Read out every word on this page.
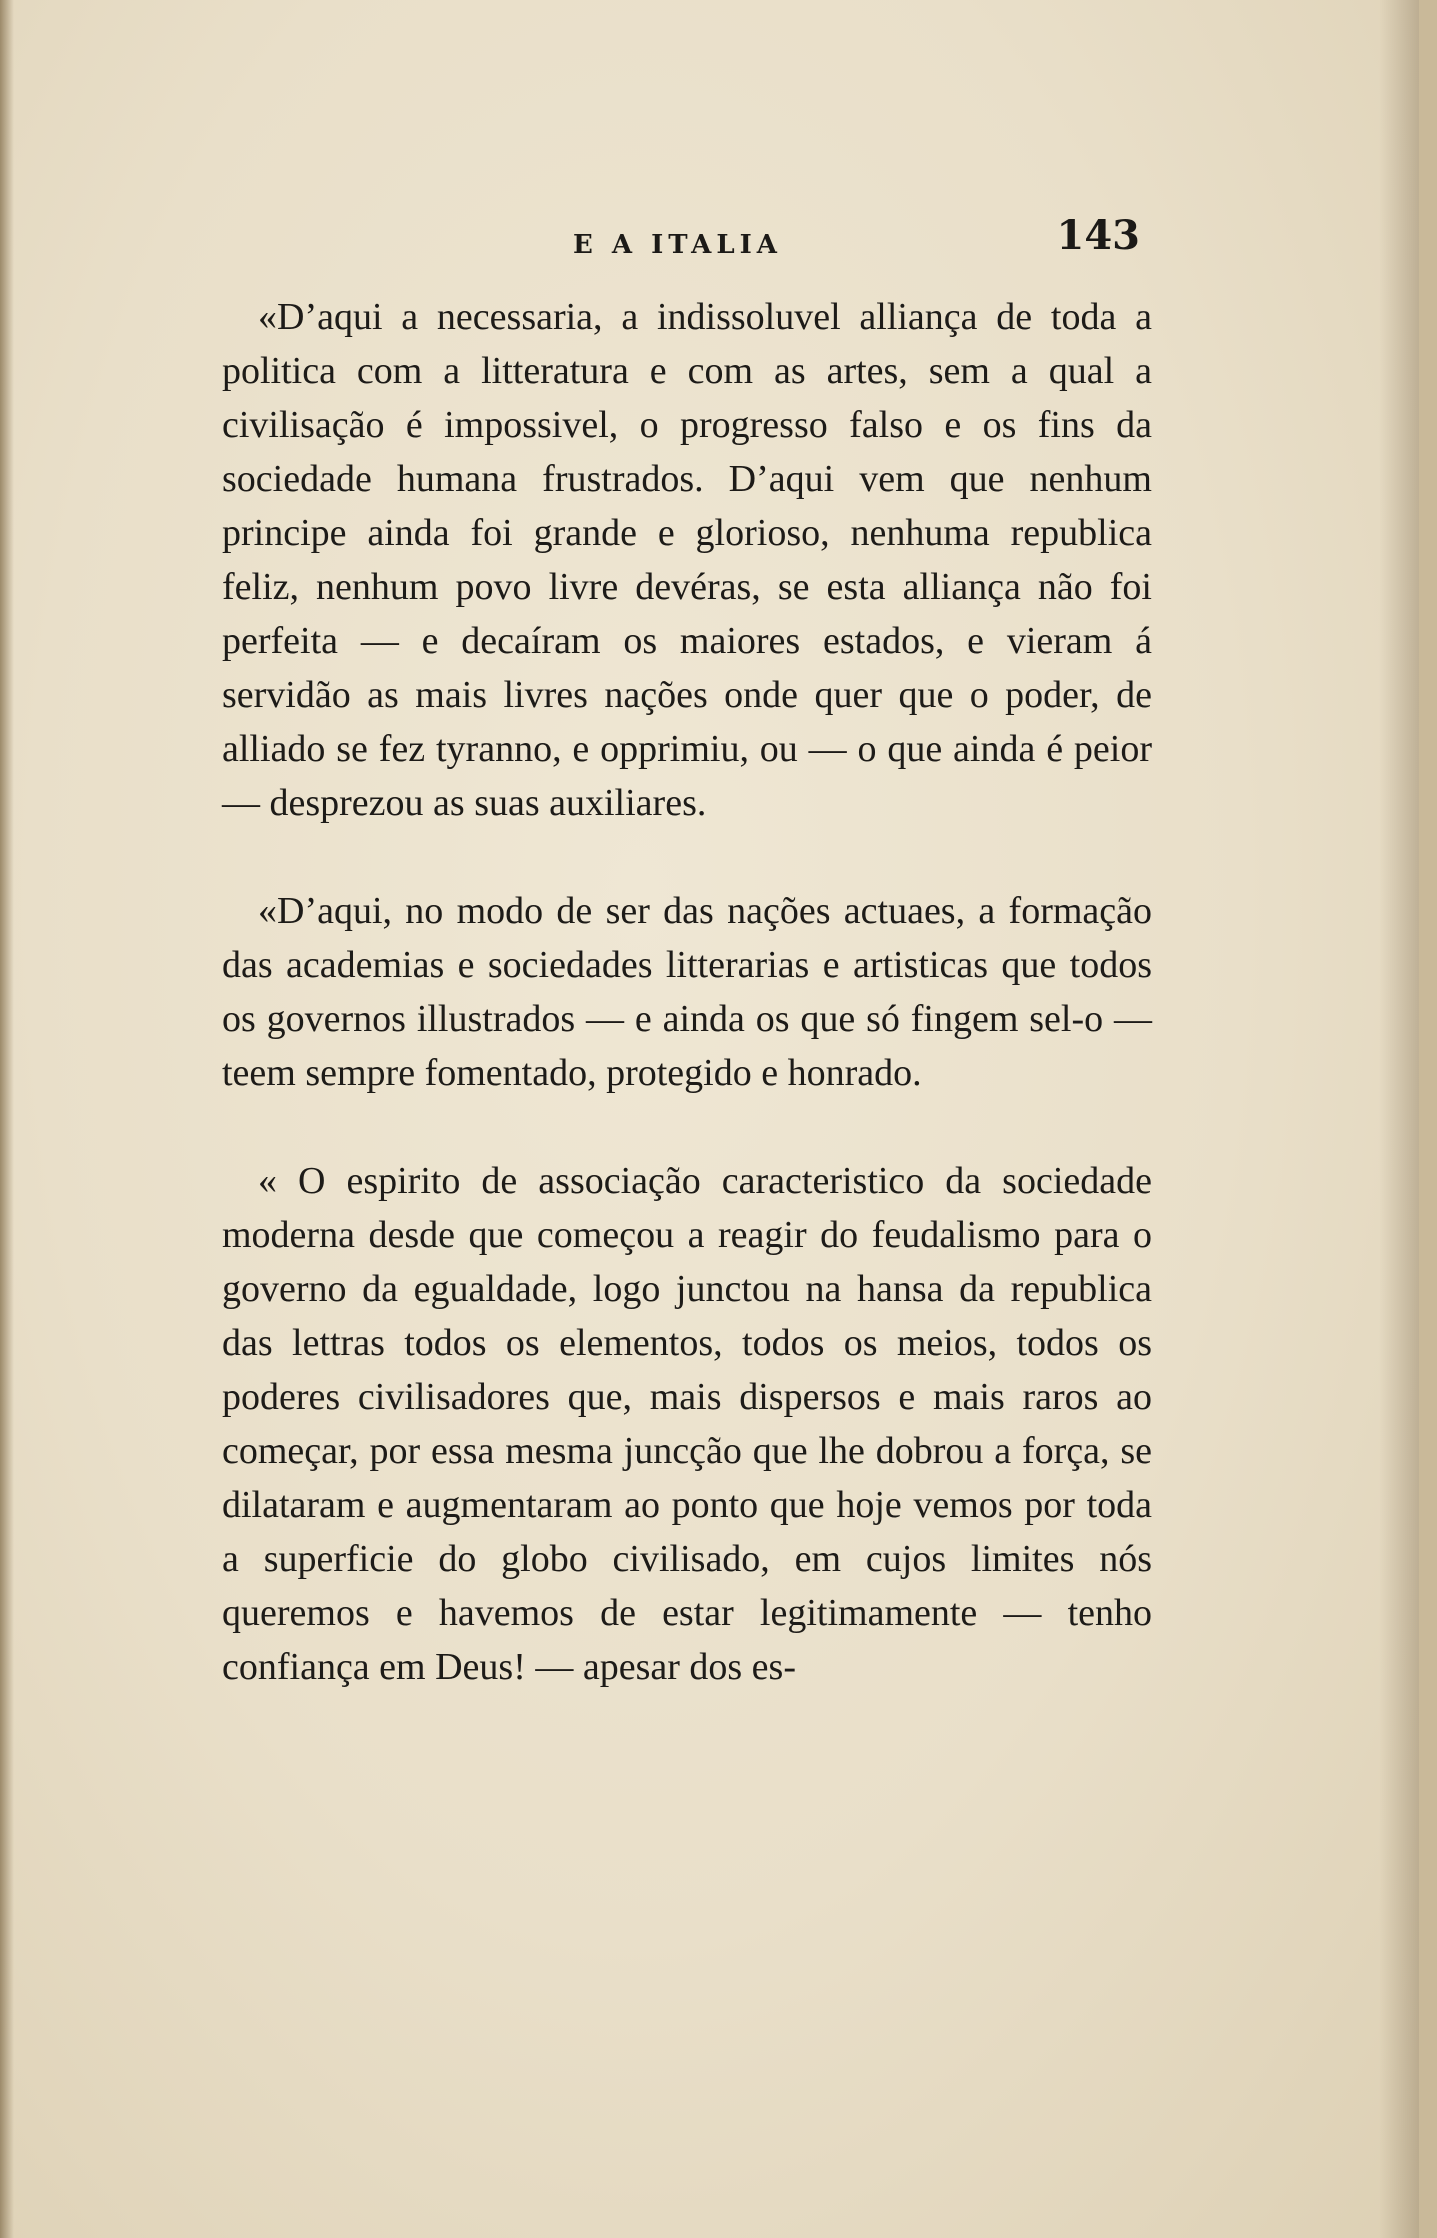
E A ITALIA	143

«D’aqui a necessaria, a indissoluvel alliança de toda a politica com a litteratura e com as artes, sem a qual a civilisação é impossivel, o progresso falso e os fins da sociedade humana frustrados. D’aqui vem que nenhum principe ainda foi grande e glorioso, nenhuma republica feliz, nenhum povo livre devéras, se esta alliança não foi perfeita — e decaíram os maiores estados, e vieram á servidão as mais livres nações onde quer que o poder, de alliado se fez tyranno, e opprimiu, ou — o que ainda é peior — desprezou as suas auxiliares.

«D’aqui, no modo de ser das nações actuaes, a formação das academias e sociedades litterarias e artisticas que todos os governos illustrados — e ainda os que só fingem sel-o — teem sempre fomentado, protegido e honrado.

« O espirito de associação caracteristico da sociedade moderna desde que começou a reagir do feudalismo para o governo da egualdade, logo junctou na hansa da republica das lettras todos os elementos, todos os meios, todos os poderes civilisadores que, mais dispersos e mais raros ao começar, por essa mesma juncção que lhe dobrou a força, se dilataram e augmentaram ao ponto que hoje vemos por toda a superficie do globo civilisado, em cujos limites nós queremos e havemos de estar legitimamente — tenho confiança em Deus! — apesar dos es-
